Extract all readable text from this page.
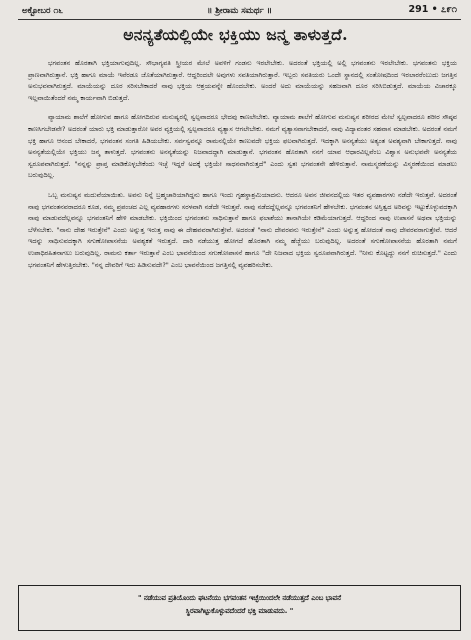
ಅಕ್ಟೋಬರ ೧೬	॥ ಶ್ರೀರಾಮ ಸಮರ್ಥ ॥	291 • ೭೯೧
ಅನನ್ಯತೆಯಲ್ಲಿಯೇ ಭಕ್ತಿಯು ಜನ್ಮ ತಾಳುತ್ತದೆ.

ಭಗವಂತನ ಹೊರತಾಗಿ ಭಕ್ತಿಯಾಗುವುದಿಲ್ಲ. ಸೌಭಾಗ್ಯವತಿ ಸ್ತ್ರೀಯರ ಮೇಲೆ ಅವಳಿಗೆ ಗಂಡನು ಇರಲೇಬೇಕು. ಅದರಂತೆ ಭಕ್ತಿಯಲ್ಲಿ ಅಲ್ಲಿ ಭಗವಂತನು ಇರಲೇಬೇಕು. ಭಗವಂತನು ಭಕ್ತಿಯ ಪ್ರಾಣವಾಗಿರುತ್ತಾನೆ. ಭಕ್ತಿ ಹಾಗೂ ಮಾಯೆ ಇವೆರಡೂ ಜೊತೆಯಾಗಿರುತ್ತಾರೆ. ಆದ್ದರಿಂದಲೇ ಅವುಗಳು ಸವತಿಯಾಗಿರುತ್ತಾರೆ. ಇಬ್ಬರು ಸವತಿಯರು ಒಂದೇ ಸ್ಥಾನದಲ್ಲಿ ಸಂತೋಷದಿಂದ ಇರಲಾರರೆಂಬುದು ಜಗತ್ತಿನ ಅನುಭವವಾಗಿರುತ್ತದೆ. ಮಾಯೆಯನ್ನು ದೂರ ಸರಿಸಬೇಕಾದರೆ ನಾವು ಭಕ್ತಿಯ ಆಶ್ರಯವನ್ನೇ ಹೊಂದಬೇಕು. ಅಂದರೆ ಅದು ಮಾಯೆಯನ್ನು ಸಹಜವಾಗಿ ದೂರ ಸರಿಸಿಬಿಡುತ್ತದೆ. ಮಾಯೆಯ ವಿಚಾರಕ್ಕೂ ಇಲ್ಲವಾಯಿತೆಂದರೆ ನಮ್ಮ ಕಾರ್ಯವಾಗಿ ಬಿಡುತ್ತದೆ.

ವ್ಯಾಯಾಮ ಶಾಲೆಗೆ ಹೋಗುವ ಹಾಗೂ ಹೋಗದಿರುವ ಮನುಷ್ಯರಲ್ಲಿ ಸ್ವಲ್ಪವಾದರೂ ಭೇದವು ಕಾಣಲೇಬೇಕು. ವ್ಯಾಯಾಮ ಶಾಲೆಗೆ ಹೋಗುವ ಮನುಷ್ಯನ ಶರೀರದ ಮೇಲೆ ಸ್ವಲ್ಪವಾದರೂ ಶರೀರ ಸೌಷ್ಠವ ಕಾಣಸಿಗಬೇಡವೇ? ಅದರಂತೆ ಯಾರು ಭಕ್ತಿ ಮಾಡುತ್ತಾರೋ ಅವರ ವ್ಯಕ್ತಿಯಲ್ಲಿ ಸ್ವಲ್ಪವಾದರೂ ವ್ಯತ್ಯಾಸ ಆಗಲೇಬೇಕು. ನಮಗೆ ವ್ಯತ್ಯಾಸವಾಗಬೇಕಾದರೆ, ನಾವು ವಿದ್ಯಾವಂತರ ಸಹವಾಸ ಮಾಡಬೇಕು. ಅದರಂತೆ ನಮಗೆ ಭಕ್ತಿ ಹಾಗೂ ಆನಂದ ಬೇಕಾದರೆ, ಭಗವಂತನ ಸಂಗತಿ ಹಿಡಿಯಬೇಕು. ಸರ್ವಸ್ವವನ್ನೂ ರಾಮನಲ್ಲಿಯೇ ಕಾಣುವದೇ ಭಕ್ತಿಯ ಫಲವಾಗಿರುತ್ತದೆ. ಇದಕ್ಕಾಗಿ ಅನನ್ಯತೆಯು ಅತ್ಯಂತ ಅವಶ್ಯವಾಗಿ ಬೇಕಾಗುತ್ತದೆ. ನಾವು ಅನನ್ಯತೆಯಲ್ಲಿಯೇ ಭಕ್ತಿಯು ಜನ್ಮ ತಾಳುತ್ತದೆ. ಭಗವಂತನು ಅನನ್ಯತೆಯನ್ನು ನಿಜವಾದದ್ದಾಗಿ ಮಾಡುತ್ತಾನೆ. ಭಗವಂತನ ಹೊರತಾಗಿ ನನಗೆ ಯಾವ ಆಧಾರವಿಲ್ಲವೆಂಬ ವಿಶ್ವಾಸ ಅನುಭವವೇ ಅನನ್ಯತೆಯ ಸ್ವರೂಪವಾಗಿರುತ್ತದೆ. "ನನ್ನನ್ನು ಪ್ರಾಪ್ತ ಮಾಡಿಕೊಳ್ಳಬೇಕೆಂದು ಇಚ್ಛೆ ಇದ್ದರೆ ಅದಕ್ಕೆ ಭಕ್ತಿಯೇ ಸಾಧನವಾಗಿರುತ್ತದೆ" ಎಂದು ಸ್ವತಃ ಭಗವಂತನೇ ಹೇಳಿರುತ್ತಾನೆ. ನಾಮಸ್ಮರಣೆಯನ್ನು ವಿಸ್ಮರಣೆಯಿಂದ ಮಾಡಲು ಬರುವುದಿಲ್ಲ.

ಒಬ್ಬ ಮನುಷ್ಯನ ಮದುವೆಯಾಯಿತು. ಅವನು ನಿನ್ನೆ ಬ್ರಹ್ಮಚಾರಿಯಾಗಿದ್ದನು ಹಾಗೂ ಇಂದು ಗೃಹಸ್ಥಾಶ್ರಮಿಯಾದನು. ಆದರೂ ಅವನ ಜೀವನದಲ್ಲಿಯ ಇತರ ವ್ಯವಹಾರಗಳು ನಡೆದೇ ಇರುತ್ತವೆ. ಅದರಂತೆ ನಾವು ಭಗವಂತನವರಾದರೂ ಕೂಡ, ನಮ್ಮ ಪ್ರಪಂಚದ ಎಲ್ಲ ವ್ಯವಹಾರಗಳು ಸರಳವಾಗಿ ನಡೆದೇ ಇರುತ್ತವೆ. ನಾವು ನಡೆದದ್ದೆಲ್ಲವನ್ನೂ ಭಗವಂತನಿಗೆ ಹೇಳಬೇಕು. ಭಗವಂತನ ಅಸ್ತಿತ್ವದ ಅರಿವನ್ನು ಇಟ್ಟುಕೊಳ್ಳುವದಕ್ಕಾಗಿ ನಾವು ಮಾಡುವದೆಲ್ಲವನ್ನೂ ಭಗವಂತನಿಗೆ ಹೇಳಿ ಮಾಡಬೇಕು. ಭಕ್ತಿಯಿಂದ ಭಗವಂತನು ಸಾಧಿಸುತ್ತಾನೆ ಹಾಗೂ ಫಲಾಶೆಯು ತಾನಾಗಿಯೇ ಕಡಿಮೆಯಾಗುತ್ತದೆ. ಆದ್ದರಿಂದ ನಾವು ಉಪಾಸನೆ ಅಥವಾ ಭಕ್ತಿಯನ್ನು ಬೆಳೆಸಬೇಕು. "ನಾನು ದೇಹ ಇರುತ್ತೇನೆ" ಎಂದು ಅನ್ನುತ್ತ ಇರುತ್ತ ನಾವು ಈ ದೇಹವವರಾಗಿರುತ್ತೇವೆ. ಅದರಂತೆ "ನಾನು ದೇವರವನು ಇರುತ್ತೇನೆ" ಎಂದು ಅನ್ನುತ್ತ ಹೋದಂತೆ ನಾವು ದೇವರವರಾಗುತ್ತೇವೆ. ಆದರೆ ಇದನ್ನು ಸಾಧಿಸುವದಕ್ಕಾಗಿ ಸಗುಣೋಪಾಸನೆಯ ಅವಶ್ಯಕತೆ ಇರುತ್ತದೆ. ದಾರಿ ನಡೆಯುತ್ತ ಹೋಗದೆ ಹೊರತಾಗಿ ನಮ್ಮ ಹೆಜ್ಜೆಯು ಬರುವುದಿಲ್ಲ. ಅದರಂತೆ ಸಗುಣೋಪಾಸನೆಯ ಹೊರತಾಗಿ ನಮಗೆ ಉಪಾಧಿರಹಿತನಾಗಲು ಬರುವುದಿಲ್ಲ. ರಾಮನು ಕರ್ತಾ ಇರುತ್ತಾನೆ ಎಂಬ ಭಾವನೆಯಿಂದ ಸಗುಣೋಪಾಸನೆ ಹಾಗೂ "ದೇ ನಿಜವಾದ ಭಕ್ತಿಯ ಸ್ವರೂಪವಾಗಿರುತ್ತದೆ. "ನೀನು ಕೊಟ್ಟದ್ದು ನನಗೆ ರುಚಿಸುತ್ತದೆ." ಎಂದು ಭಗವಂತನಿಗೆ ಹೇಳುತ್ತಿರಬೇಕು. "ನನ್ನ ದೇವರಿಗೆ ಇದು ಹಿಡಿಸುವದೇ?" ಎಂಬ ಭಾವನೆಯಿಂದ ಜಗತ್ತಿನಲ್ಲಿ ವ್ಯವಹರಿಸಬೇಕು.

" ನಡೆಯುವ ಪ್ರತಿಯೊಂದು ಘಟನೆಯು ಭಗವಂತನ ಇಚ್ಛೆಯಿಂದಲೇ ನಡೆಯುತ್ತದೆ ಎಂಬ ಭಾವನೆ
ಸ್ಥಿರವಾಗಿಟ್ಟುಕೊಳ್ಳುವದೆಂದರೆ ಭಕ್ತಿ ಮಾಡುವದು. "
